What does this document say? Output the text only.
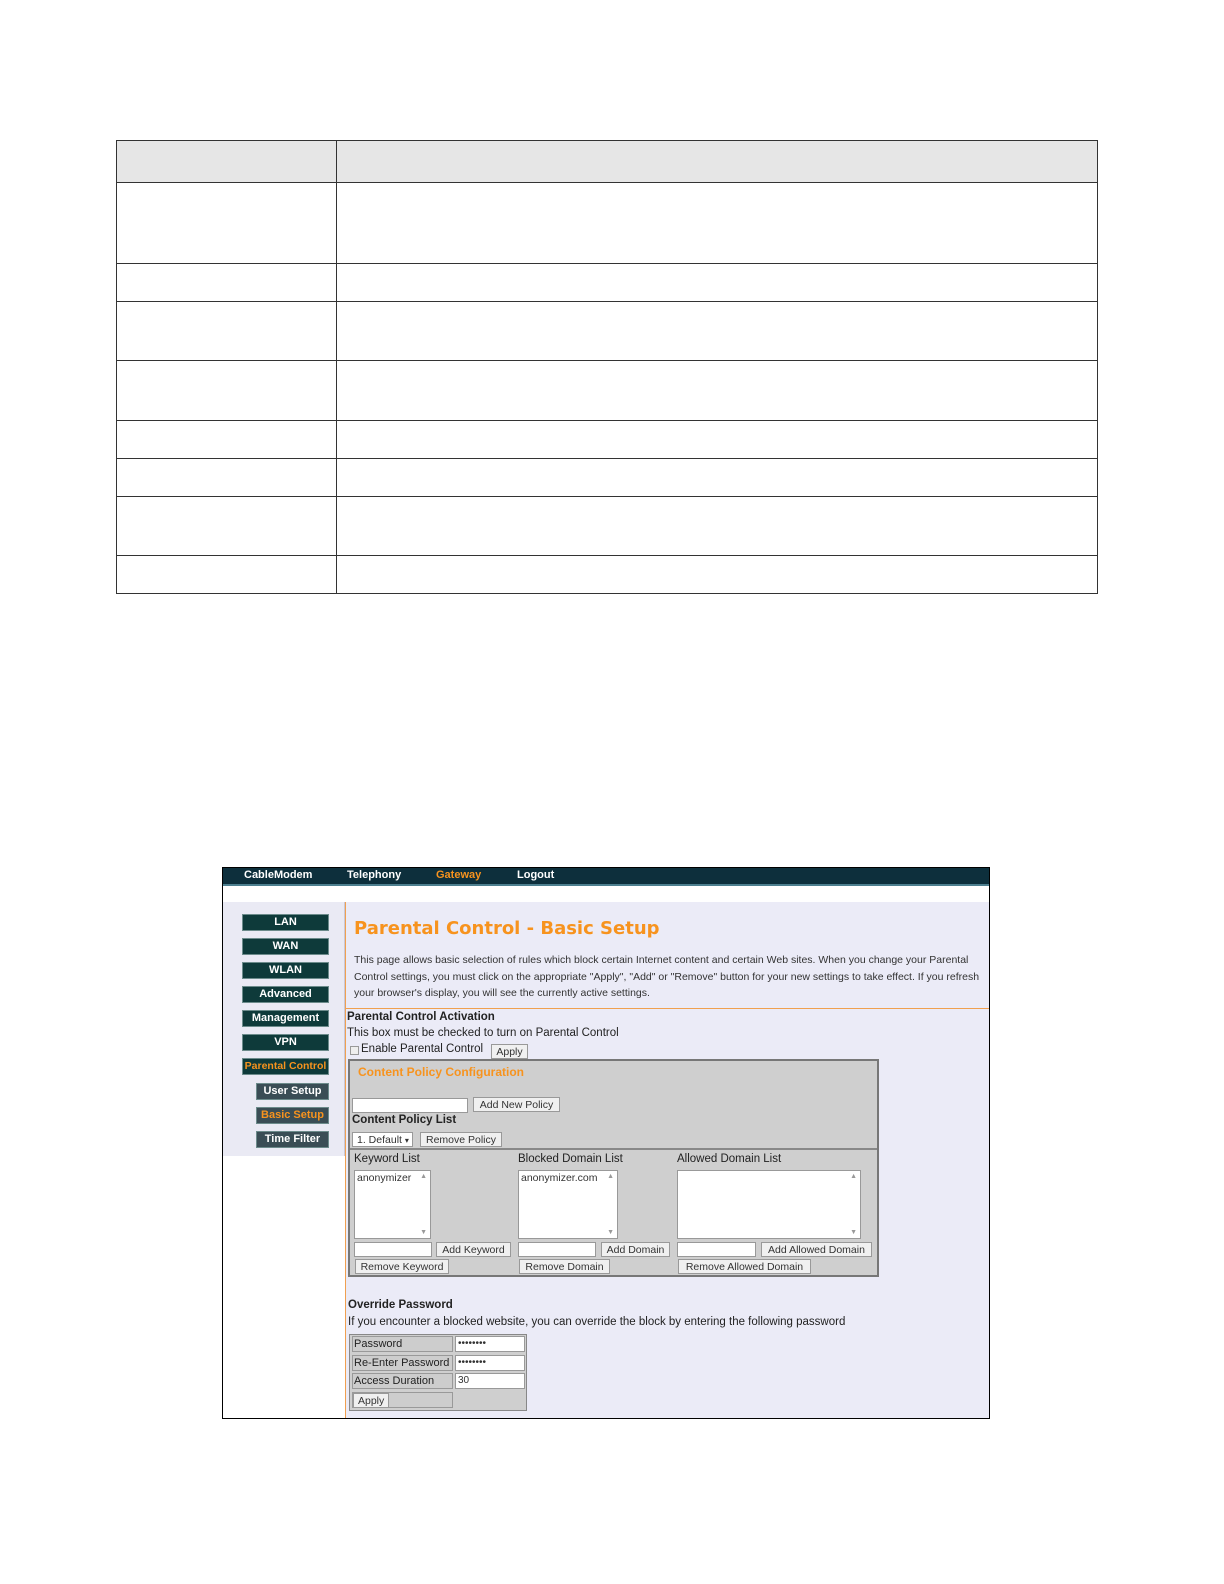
CableModem	Telephony	Gateway	Logout
LAN
WAN
WLAN
Advanced
Management
VPN
Parental Control
User Setup
Basic Setup
Time Filter
Parental Control - Basic Setup
This page allows basic selection of rules which block certain Internet content and certain Web sites. When you change your Parental Control settings, you must click on the appropriate "Apply", "Add" or "Remove" button for your new settings to take effect. If you refresh your browser's display, you will see the currently active settings.
Parental Control Activation
This box must be checked to turn on Parental Control
Enable Parental Control	Apply
Content Policy Configuration
Add New Policy
Content Policy List
1. Default ▾	Remove Policy
Keyword List
anonymizer	▲
▼
Add Keyword
Remove Keyword
Blocked Domain List
anonymizer.com	▲
▼
Add Domain
Remove Domain
Allowed Domain List
▲
▼
Add Allowed Domain
Remove Allowed Domain
Override Password
If you encounter a blocked website, you can override the block by entering the following password
Password	••••••••
Re-Enter Password ••••••••
Access Duration	30
Apply
